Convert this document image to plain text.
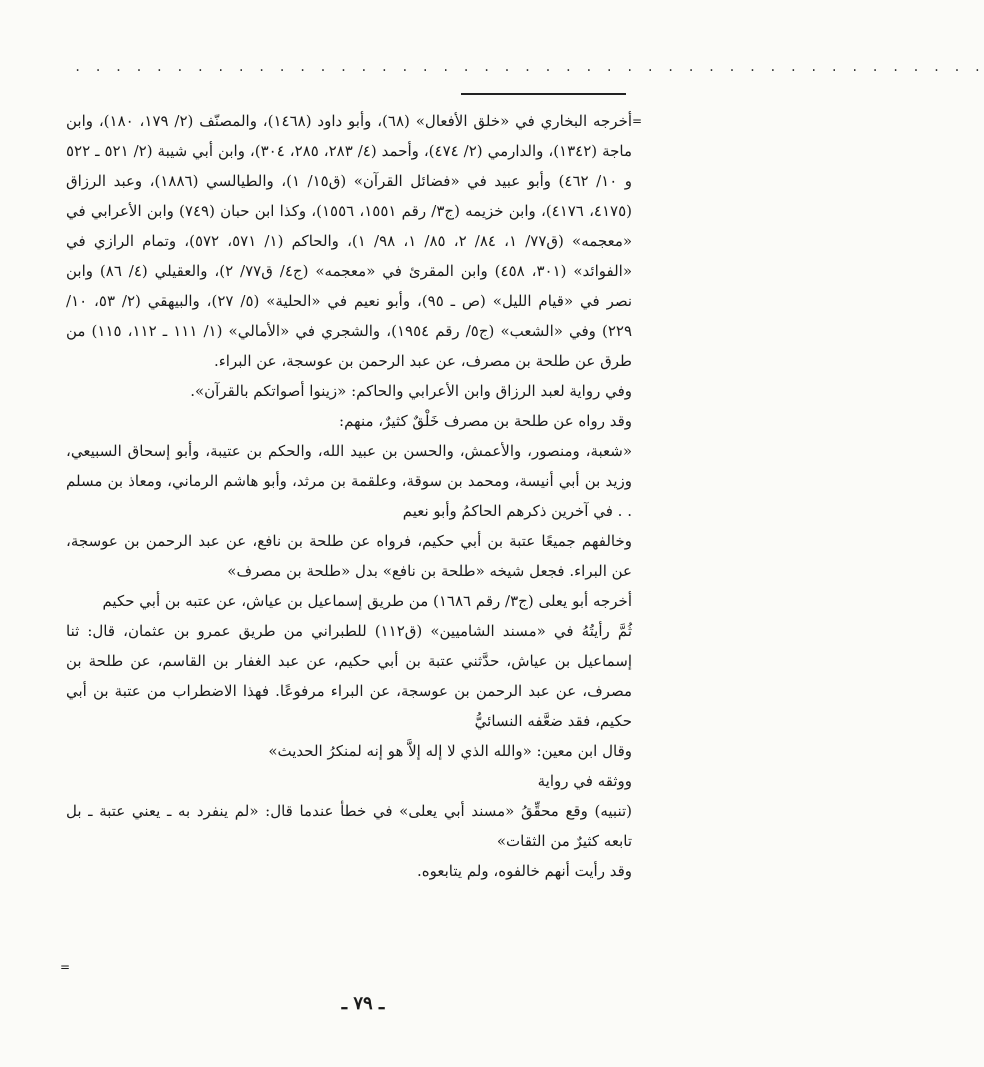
. . . . . . . . . . . . . . . . . . . . . . . . . . . . . . . . . . . . . . . . . . . . .
=
=

أخرجه البخاري في «خلق الأفعال» (٦٨)، وأبو داود (١٤٦٨)، والمصنّف (٢/ ١٧٩، ١٨٠)، وابن ماجة (١٣٤٢)، والدارمي (٢/ ٤٧٤)، وأحمد (٤/ ٢٨٣، ٢٨٥، ٣٠٤)، وابن أبي شيبة (٢/ ٥٢١ ـ ٥٢٢ و ١٠/ ٤٦٢) وأبو عبيد في «فضائل القرآن» (ق١٥/ ١)، والطيالسي (١٨٨٦)، وعبد الرزاق (٤١٧٥، ٤١٧٦)، وابن خزيمه (ج٣/ رقم ١٥٥١، ١٥٥٦)، وكذا ابن حبان (٧٤٩) وابن الأعرابي في «معجمه» (ق٧٧/ ١، ٨٤/ ٢، ٨٥/ ١، ٩٨/ ١)، والحاكم (١/ ٥٧١، ٥٧٢)، وتمام الرازي في «الفوائد» (٣٠١، ٤٥٨) وابن المقرئ في «معجمه» (ج٤/ ق٧٧/ ٢)، والعقيلي (٤/ ٨٦) وابن نصر في «قيام الليل» (ص ـ ٩٥)، وأبو نعيم في «الحلية» (٥/ ٢٧)، والبيهقي (٢/ ٥٣، ١٠/ ٢٢٩) وفي «الشعب» (ج٥/ رقم ١٩٥٤)، والشجري في «الأمالي» (١/ ١١١ ـ ١١٢، ١١٥) من طرق عن طلحة بن مصرف، عن عبد الرحمن بن عوسجة، عن البراء.

وفي رواية لعبد الرزاق وابن الأعرابي والحاكم: «زينوا أصواتكم بالقرآن».

وقد رواه عن طلحة بن مصرف خَلْقٌ كثيرٌ، منهم:

«شعبة، ومنصور، والأعمش، والحسن بن عبيد الله، والحكم بن عتيبة، وأبو إسحاق السبيعي، وزيد بن أبي أنيسة، ومحمد بن سوقة، وعلقمة بن مرثد، وأبو هاشم الرماني، ومعاذ بن مسلم . . في آخرين ذكرهم الحاكمُ وأبو نعيم

وخالفهم جميعًا عتبة بن أبي حكيم، فرواه عن طلحة بن نافع، عن عبد الرحمن بن عوسجة، عن البراء. فجعل شيخه «طلحة بن نافع» بدل «طلحة بن مصرف»

أخرجه أبو يعلى (ج٣/ رقم ١٦٨٦) من طريق إسماعيل بن عياش، عن عتبه بن أبي حكيم

ثُمَّ رأيتُهُ في «مسند الشاميين» (ق١١٢) للطبراني من طريق عمرو بن عثمان، قال: ثنا إسماعيل بن عياش، حدَّثني عتبة بن أبي حكيم، عن عبد الغفار بن القاسم، عن طلحة بن مصرف، عن عبد الرحمن بن عوسجة، عن البراء مرفوعًا. فهذا الاضطراب من عتبة بن أبي حكيم، فقد ضعَّفه النسائيُّ

وقال ابن معين: «والله الذي لا إله إلاَّ هو إنه لمنكرُ الحديث»

ووثقه في رواية

(تنبيه) وقع محقِّقُ «مسند أبي يعلى» في خطأ عندما قال: «لم ينفرد به ـ يعني عتبة ـ بل تابعه كثيرٌ من الثقات»

وقد رأيت أنهم خالفوه، ولم يتابعوه.

ـ ٧٩ ـ
